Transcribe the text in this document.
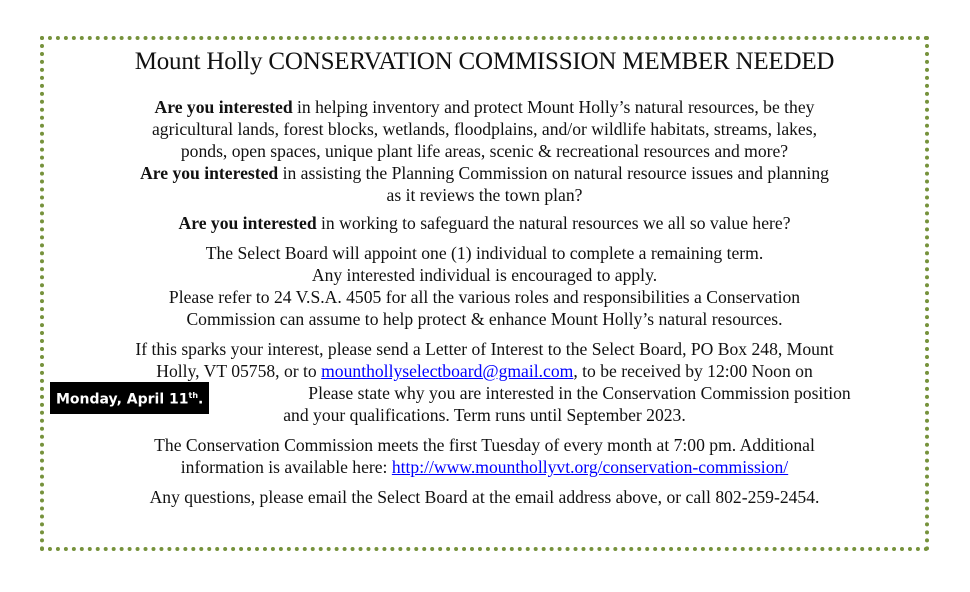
Mount Holly CONSERVATION COMMISSION MEMBER NEEDED

Are you interested in helping inventory and protect Mount Holly’s natural resources, be they
agricultural lands, forest blocks, wetlands, floodplains, and/or wildlife habitats, streams, lakes,
ponds, open spaces, unique plant life areas, scenic & recreational resources and more?

Are you interested in assisting the Planning Commission on natural resource issues and planning
as it reviews the town plan?

Are you interested in working to safeguard the natural resources we all so value here?

The Select Board will appoint one (1) individual to complete a remaining term.
Any interested individual is encouraged to apply.
Please refer to 24 V.S.A. 4505 for all the various roles and responsibilities a Conservation
Commission can assume to help protect & enhance Mount Holly’s natural resources.

If this sparks your interest, please send a Letter of Interest to the Select Board, PO Box 248, Mount
Holly, VT 05758, or to mounthollyselectboard@gmail.com, to be received by 12:00 Noon on
Monday, April 11th.	Please state why you are interested in the Conservation Commission position
and your qualifications. Term runs until September 2023.

The Conservation Commission meets the first Tuesday of every month at 7:00 pm. Additional
information is available here: http://www.mounthollyvt.org/conservation-commission/

Any questions, please email the Select Board at the email address above, or call 802-259-2454.
